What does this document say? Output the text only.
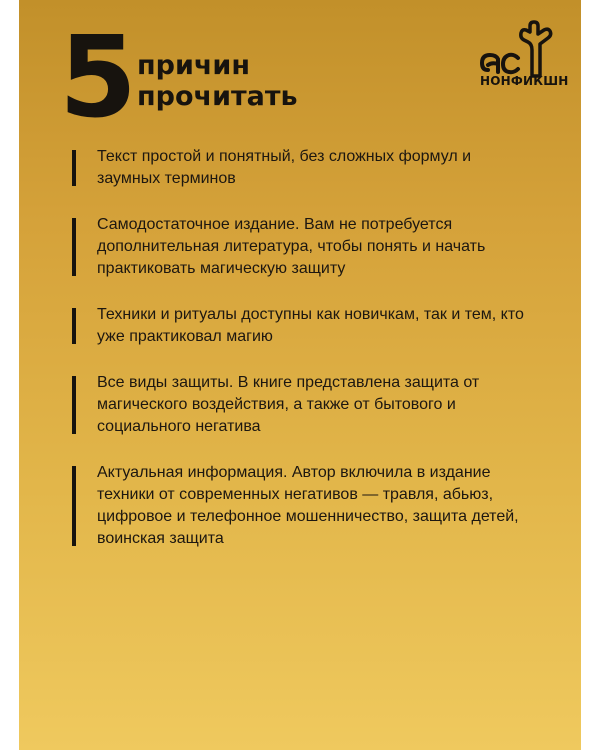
5 причин
прочитать	НОНФИКШН
Текст простой и понятный, без сложных формул и заумных терминов
Самодостаточное издание. Вам не потребуется дополнительная литература, чтобы понять и начать практиковать магическую защиту
Техники и ритуалы доступны как новичкам, так и тем, кто уже практиковал магию
Все виды защиты. В книге представлена защита от магического воздействия, а также от бытового и социального негатива
Актуальная информация. Автор включила в издание техники от современных негативов — травля, абьюз, цифровое и телефонное мошенничество, защита детей, воинская защита
